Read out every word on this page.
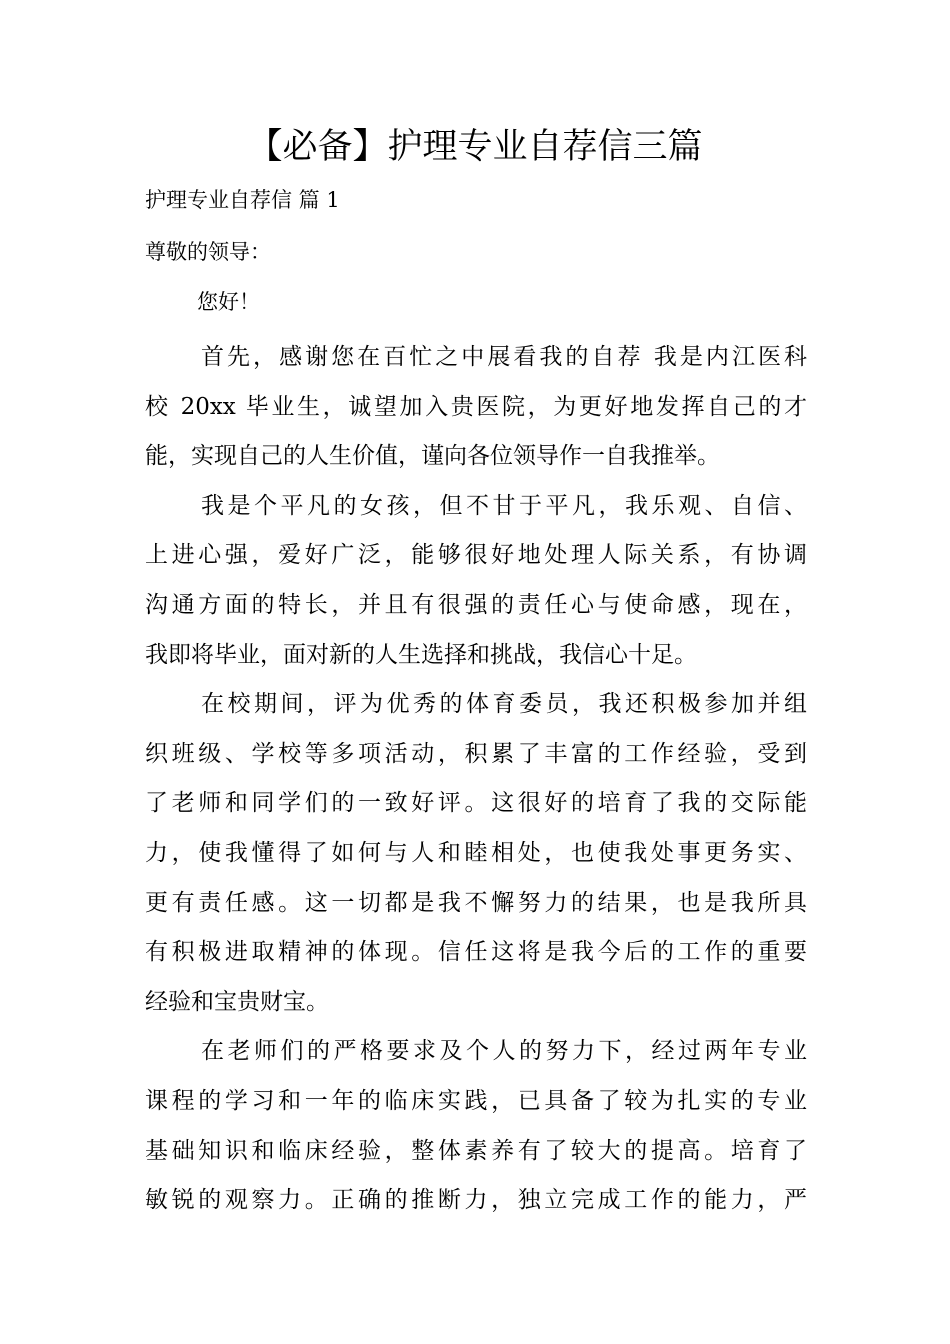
【必备】护理专业自荐信三篇
护理专业自荐信 篇 1
尊敬的领导：
您好！
首先，感谢您在百忙之中展看我的自荐 我是内江医科
校 20xx 毕业生，诚望加入贵医院，为更好地发挥自己的才
能，实现自己的人生价值，谨向各位领导作一自我推举。
我是个平凡的女孩，但不甘于平凡，我乐观、自信、
上进心强，爱好广泛，能够很好地处理人际关系，有协调
沟通方面的特长，并且有很强的责任心与使命感，现在，
我即将毕业，面对新的人生选择和挑战，我信心十足。
在校期间，评为优秀的体育委员，我还积极参加并组
织班级、学校等多项活动，积累了丰富的工作经验，受到
了老师和同学们的一致好评。这很好的培育了我的交际能
力，使我懂得了如何与人和睦相处，也使我处事更务实、
更有责任感。这一切都是我不懈努力的结果，也是我所具
有积极进取精神的体现。信任这将是我今后的工作的重要
经验和宝贵财宝。
在老师们的严格要求及个人的努力下，经过两年专业
课程的学习和一年的临床实践，已具备了较为扎实的专业
基础知识和临床经验，整体素养有了较大的提高。培育了
敏锐的观察力。正确的推断力，独立完成工作的能力，严
